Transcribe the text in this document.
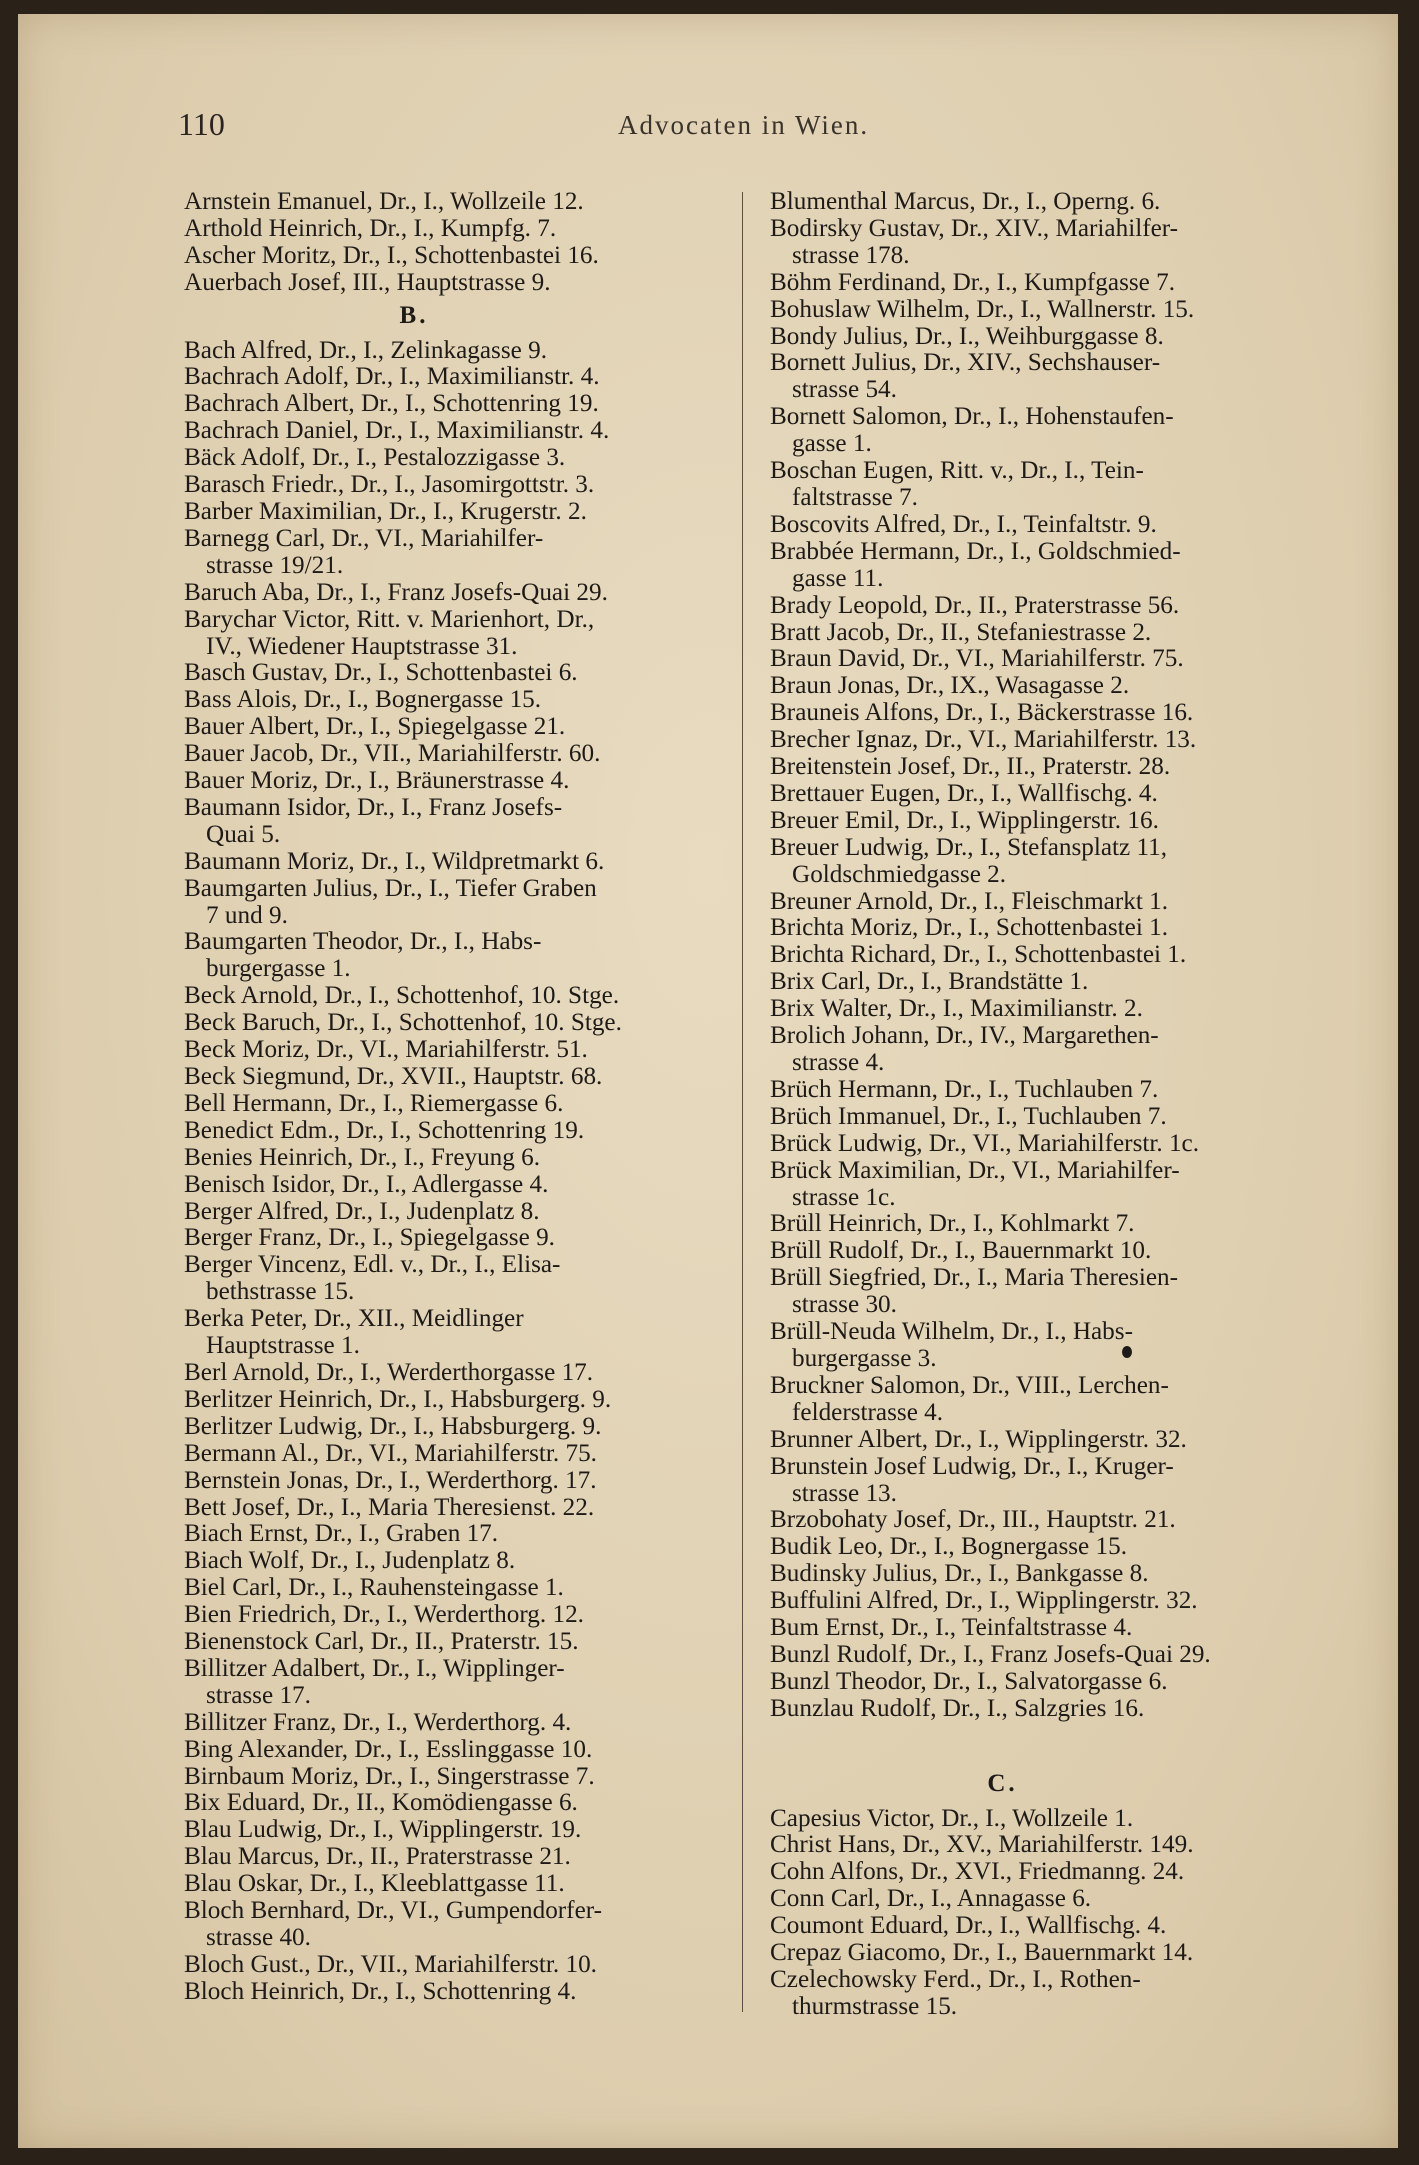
110	Advocaten in Wien.
Arnstein Emanuel, Dr., I., Wollzeile 12.
Arthold Heinrich, Dr., I., Kumpfg. 7.
Ascher Moritz, Dr., I., Schottenbastei 16.
Auerbach Josef, III., Hauptstrasse 9.
B.
Bach Alfred, Dr., I., Zelinkagasse 9.
Bachrach Adolf, Dr., I., Maximilianstr. 4.
Bachrach Albert, Dr., I., Schottenring 19.
Bachrach Daniel, Dr., I., Maximilianstr. 4.
Bäck Adolf, Dr., I., Pestalozzigasse 3.
Barasch Friedr., Dr., I., Jasomirgottstr. 3.
Barber Maximilian, Dr., I., Krugerstr. 2.
Barnegg Carl, Dr., VI., Mariahilfer-
strasse 19/21.
Baruch Aba, Dr., I., Franz Josefs-Quai 29.
Barychar Victor, Ritt. v. Marienhort, Dr.,
IV., Wiedener Hauptstrasse 31.
Basch Gustav, Dr., I., Schottenbastei 6.
Bass Alois, Dr., I., Bognergasse 15.
Bauer Albert, Dr., I., Spiegelgasse 21.
Bauer Jacob, Dr., VII., Mariahilferstr. 60.
Bauer Moriz, Dr., I., Bräunerstrasse 4.
Baumann Isidor, Dr., I., Franz Josefs-
Quai 5.
Baumann Moriz, Dr., I., Wildpretmarkt 6.
Baumgarten Julius, Dr., I., Tiefer Graben
7 und 9.
Baumgarten Theodor, Dr., I., Habs-
burgergasse 1.
Beck Arnold, Dr., I., Schottenhof, 10. Stge.
Beck Baruch, Dr., I., Schottenhof, 10. Stge.
Beck Moriz, Dr., VI., Mariahilferstr. 51.
Beck Siegmund, Dr., XVII., Hauptstr. 68.
Bell Hermann, Dr., I., Riemergasse 6.
Benedict Edm., Dr., I., Schottenring 19.
Benies Heinrich, Dr., I., Freyung 6.
Benisch Isidor, Dr., I., Adlergasse 4.
Berger Alfred, Dr., I., Judenplatz 8.
Berger Franz, Dr., I., Spiegelgasse 9.
Berger Vincenz, Edl. v., Dr., I., Elisa-
bethstrasse 15.
Berka Peter, Dr., XII., Meidlinger
Hauptstrasse 1.
Berl Arnold, Dr., I., Werderthorgasse 17.
Berlitzer Heinrich, Dr., I., Habsburgerg. 9.
Berlitzer Ludwig, Dr., I., Habsburgerg. 9.
Bermann Al., Dr., VI., Mariahilferstr. 75.
Bernstein Jonas, Dr., I., Werderthorg. 17.
Bett Josef, Dr., I., Maria Theresienst. 22.
Biach Ernst, Dr., I., Graben 17.
Biach Wolf, Dr., I., Judenplatz 8.
Biel Carl, Dr., I., Rauhensteingasse 1.
Bien Friedrich, Dr., I., Werderthorg. 12.
Bienenstock Carl, Dr., II., Praterstr. 15.
Billitzer Adalbert, Dr., I., Wipplinger-
strasse 17.
Billitzer Franz, Dr., I., Werderthorg. 4.
Bing Alexander, Dr., I., Esslinggasse 10.
Birnbaum Moriz, Dr., I., Singerstrasse 7.
Bix Eduard, Dr., II., Komödiengasse 6.
Blau Ludwig, Dr., I., Wipplingerstr. 19.
Blau Marcus, Dr., II., Praterstrasse 21.
Blau Oskar, Dr., I., Kleeblattgasse 11.
Bloch Bernhard, Dr., VI., Gumpendorfer-
strasse 40.
Bloch Gust., Dr., VII., Mariahilferstr. 10.
Bloch Heinrich, Dr., I., Schottenring 4.
Blumenthal Marcus, Dr., I., Operng. 6.
Bodirsky Gustav, Dr., XIV., Mariahilfer-
strasse 178.
Böhm Ferdinand, Dr., I., Kumpfgasse 7.
Bohuslaw Wilhelm, Dr., I., Wallnerstr. 15.
Bondy Julius, Dr., I., Weihburggasse 8.
Bornett Julius, Dr., XIV., Sechshauser-
strasse 54.
Bornett Salomon, Dr., I., Hohenstaufen-
gasse 1.
Boschan Eugen, Ritt. v., Dr., I., Tein-
faltstrasse 7.
Boscovits Alfred, Dr., I., Teinfaltstr. 9.
Brabbée Hermann, Dr., I., Goldschmied-
gasse 11.
Brady Leopold, Dr., II., Praterstrasse 56.
Bratt Jacob, Dr., II., Stefaniestrasse 2.
Braun David, Dr., VI., Mariahilferstr. 75.
Braun Jonas, Dr., IX., Wasagasse 2.
Brauneis Alfons, Dr., I., Bäckerstrasse 16.
Brecher Ignaz, Dr., VI., Mariahilferstr. 13.
Breitenstein Josef, Dr., II., Praterstr. 28.
Brettauer Eugen, Dr., I., Wallfischg. 4.
Breuer Emil, Dr., I., Wipplingerstr. 16.
Breuer Ludwig, Dr., I., Stefansplatz 11,
Goldschmiedgasse 2.
Breuner Arnold, Dr., I., Fleischmarkt 1.
Brichta Moriz, Dr., I., Schottenbastei 1.
Brichta Richard, Dr., I., Schottenbastei 1.
Brix Carl, Dr., I., Brandstätte 1.
Brix Walter, Dr., I., Maximilianstr. 2.
Brolich Johann, Dr., IV., Margarethen-
strasse 4.
Brüch Hermann, Dr., I., Tuchlauben 7.
Brüch Immanuel, Dr., I., Tuchlauben 7.
Brück Ludwig, Dr., VI., Mariahilferstr. 1c.
Brück Maximilian, Dr., VI., Mariahilfer-
strasse 1c.
Brüll Heinrich, Dr., I., Kohlmarkt 7.
Brüll Rudolf, Dr., I., Bauernmarkt 10.
Brüll Siegfried, Dr., I., Maria Theresien-
strasse 30.
Brüll-Neuda Wilhelm, Dr., I., Habs-
burgergasse 3.
Bruckner Salomon, Dr., VIII., Lerchen-
felderstrasse 4.
Brunner Albert, Dr., I., Wipplingerstr. 32.
Brunstein Josef Ludwig, Dr., I., Kruger-
strasse 13.
Brzobohaty Josef, Dr., III., Hauptstr. 21.
Budik Leo, Dr., I., Bognergasse 15.
Budinsky Julius, Dr., I., Bankgasse 8.
Buffulini Alfred, Dr., I., Wipplingerstr. 32.
Bum Ernst, Dr., I., Teinfaltstrasse 4.
Bunzl Rudolf, Dr., I., Franz Josefs-Quai 29.
Bunzl Theodor, Dr., I., Salvatorgasse 6.
Bunzlau Rudolf, Dr., I., Salzgries 16.
C.
Capesius Victor, Dr., I., Wollzeile 1.
Christ Hans, Dr., XV., Mariahilferstr. 149.
Cohn Alfons, Dr., XVI., Friedmanng. 24.
Conn Carl, Dr., I., Annagasse 6.
Coumont Eduard, Dr., I., Wallfischg. 4.
Crepaz Giacomo, Dr., I., Bauernmarkt 14.
Czelechowsky Ferd., Dr., I., Rothen-
thurmstrasse 15.
